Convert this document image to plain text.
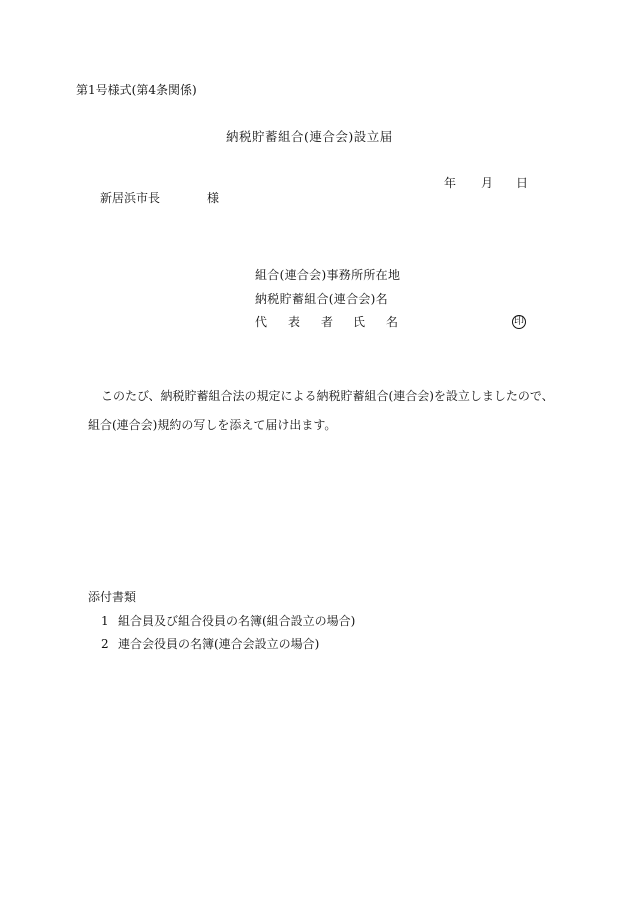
第1号様式(第4条関係)
納税貯蓄組合(連合会)設立届
年 月 日
新居浜市長	様
組合(連合会)事務所所在地
納税貯蓄組合(連合会)名
代 表 者 氏 名	印
このたび、納税貯蓄組合法の規定による納税貯蓄組合(連合会)を設立しましたので、
組合(連合会)規約の写しを添えて届け出ます。
添付書類
1 組合員及び組合役員の名簿(組合設立の場合)
2 連合会役員の名簿(連合会設立の場合)
